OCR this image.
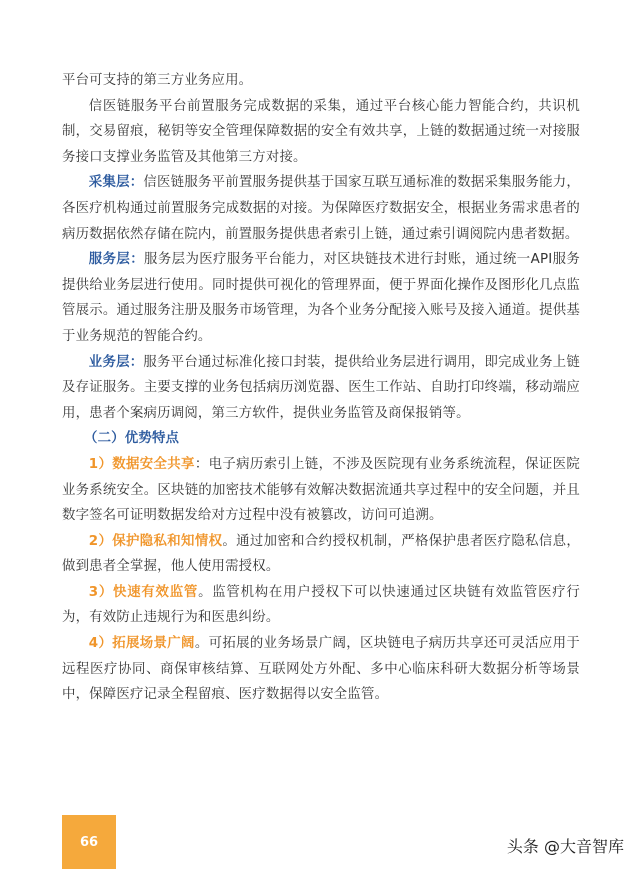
平台可支持的第三方业务应用。

信医链服务平台前置服务完成数据的采集，通过平台核心能力智能合约，共识机制，交易留痕，秘钥等安全管理保障数据的安全有效共享，上链的数据通过统一对接服务接口支撑业务监管及其他第三方对接。

采集层：信医链服务平前置服务提供基于国家互联互通标准的数据采集服务能力，各医疗机构通过前置服务完成数据的对接。为保障医疗数据安全，根据业务需求患者的病历数据依然存储在院内，前置服务提供患者索引上链，通过索引调阅院内患者数据。

服务层：服务层为医疗服务平台能力，对区块链技术进行封账，通过统一API服务提供给业务层进行使用。同时提供可视化的管理界面，便于界面化操作及图形化几点监管展示。通过服务注册及服务市场管理，为各个业务分配接入账号及接入通道。提供基于业务规范的智能合约。

业务层：服务平台通过标准化接口封装，提供给业务层进行调用，即完成业务上链及存证服务。主要支撑的业务包括病历浏览器、医生工作站、自助打印终端，移动端应用，患者个案病历调阅，第三方软件，提供业务监管及商保报销等。

（二）优势特点

1）数据安全共享：电子病历索引上链，不涉及医院现有业务系统流程，保证医院业务系统安全。区块链的加密技术能够有效解决数据流通共享过程中的安全问题，并且数字签名可证明数据发给对方过程中没有被篡改，访问可追溯。

2）保护隐私和知情权。通过加密和合约授权机制，严格保护患者医疗隐私信息，做到患者全掌握，他人使用需授权。

3）快速有效监管。监管机构在用户授权下可以快速通过区块链有效监管医疗行为，有效防止违规行为和医患纠纷。

4）拓展场景广阔。可拓展的业务场景广阔，区块链电子病历共享还可灵活应用于远程医疗协同、商保审核结算、互联网处方外配、多中心临床科研大数据分析等场景中，保障医疗记录全程留痕、医疗数据得以安全监管。

66	头条 @大音智库
